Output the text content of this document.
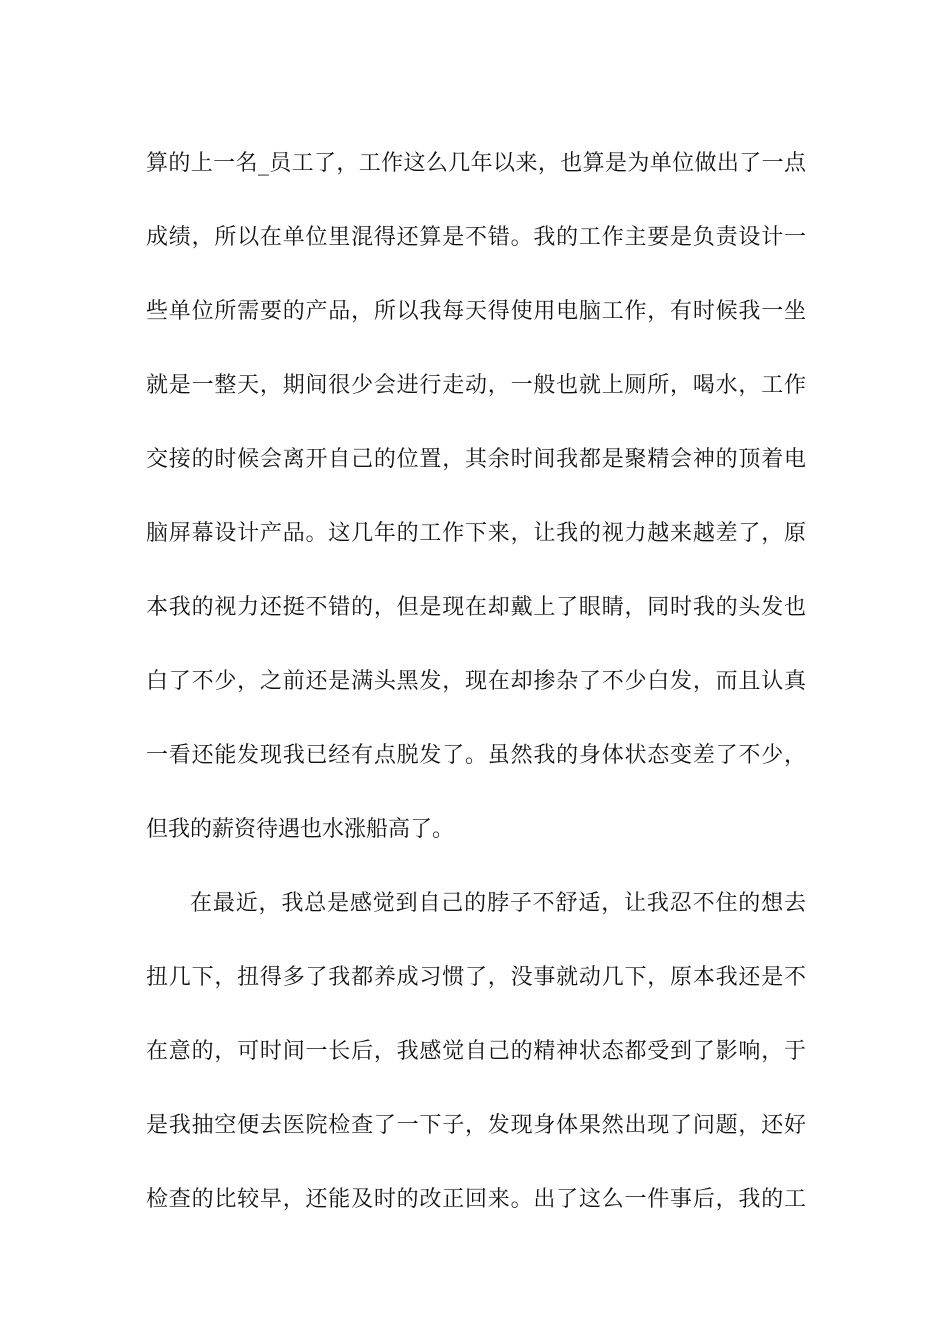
算的上一名_员工了，工作这么几年以来，也算是为单位做出了一点
成绩，所以在单位里混得还算是不错。我的工作主要是负责设计一
些单位所需要的产品，所以我每天得使用电脑工作，有时候我一坐
就是一整天，期间很少会进行走动，一般也就上厕所，喝水，工作
交接的时候会离开自己的位置，其余时间我都是聚精会神的顶着电
脑屏幕设计产品。这几年的工作下来，让我的视力越来越差了，原
本我的视力还挺不错的，但是现在却戴上了眼睛，同时我的头发也
白了不少，之前还是满头黑发，现在却掺杂了不少白发，而且认真
一看还能发现我已经有点脱发了。虽然我的身体状态变差了不少，
但我的薪资待遇也水涨船高了。
在最近，我总是感觉到自己的脖子不舒适，让我忍不住的想去
扭几下，扭得多了我都养成习惯了，没事就动几下，原本我还是不
在意的，可时间一长后，我感觉自己的精神状态都受到了影响，于
是我抽空便去医院检查了一下子，发现身体果然出现了问题，还好
检查的比较早，还能及时的改正回来。出了这么一件事后，我的工
